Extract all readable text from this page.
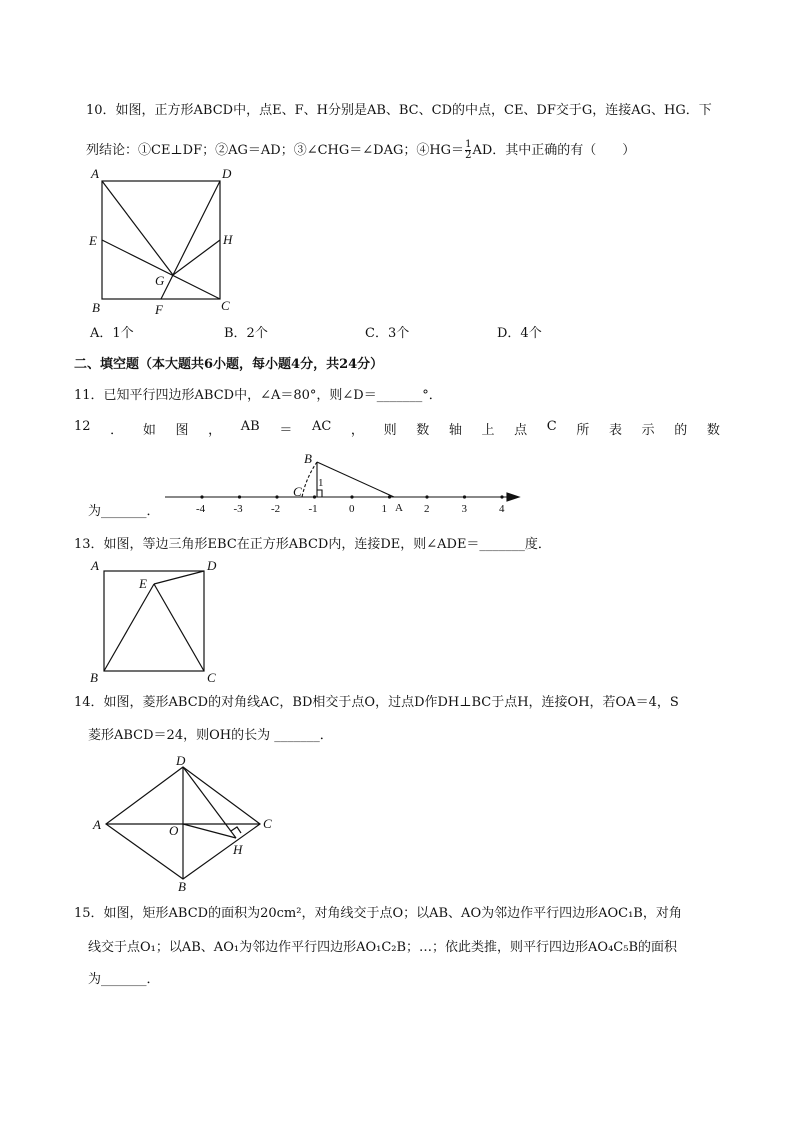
10．如图，正方形ABCD中，点E、F、H分别是AB、BC、CD的中点，CE、DF交于G，连接AG、HG．下
列结论：①CE⊥DF；②AG＝AD；③∠CHG＝∠DAG；④HG＝ $\frac{1}{2}$ AD．其中正确的有（　　）
A	D
E	H
G
B	F	C
-4	-3	-2	-1	0 1	2	3	4
B
C
1
A
A	D
E
B	C
D
A	O	C
H
B
A．1个	B．2个	C．3个	D．4个
二、填空题（本大题共6小题，每小题4分，共24分）
11．已知平行四边形ABCD中，∠A＝80°，则∠D＝_______°．
12 ． 如 图 ， AB ＝ AC ， 则 数 轴 上 点 C 所 表 示 的 数
为_______．
13．如图，等边三角形EBC在正方形ABCD内，连接DE，则∠ADE＝_______度．
14．如图，菱形ABCD的对角线AC，BD相交于点O，过点D作DH⊥BC于点H，连接OH，若OA＝4，S
菱形ABCD＝24，则OH的长为 _______．
15．如图，矩形ABCD的面积为20cm²，对角线交于点O；以AB、AO为邻边作平行四边形AOC₁B，对角
线交于点O₁；以AB、AO₁为邻边作平行四边形AO₁C₂B；…；依此类推，则平行四边形AO₄C₅B的面积
为_______．
